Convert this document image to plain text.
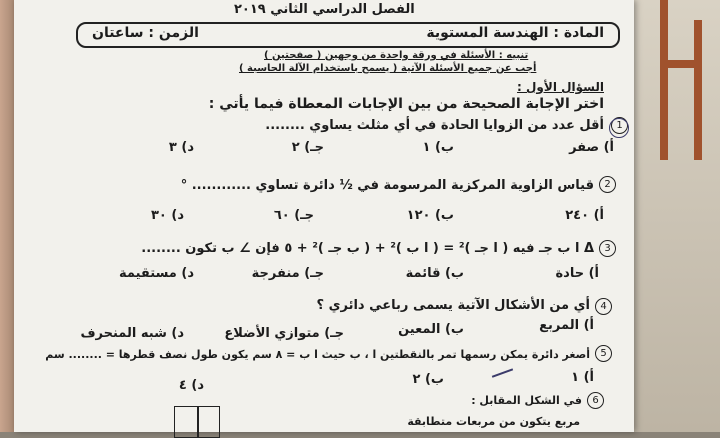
الفصل الدراسي الثاني ٢٠١٩
المادة : الهندسة المستوية
الزمن : ساعتان
تنبيه : الأسئلة في ورقة واحدة من وجهين ( صفحتين )
أجب عن جميع الأسئلة الآتية ( يسمح باستخدام الآلة الحاسبة )
السؤال الأول :
اختر الإجابة الصحيحة من بين الإجابات المعطاة فيما يأتي :
1
أقل عدد من الزوايا الحادة في أي مثلث يساوي ........
أ) صفر
ب) ١
جـ) ٢
د) ٣
2
قياس الزاوية المركزية المرسومة في ½ دائرة تساوي ............ °
أ) ٢٤٠
ب) ١٢٠
جـ) ٦٠
د) ٣٠
3
Δ ا ب جـ فيه ( ا جـ )² = ( ا ب )² + ( ب جـ )² + ٥ فإن ∠ ب تكون ........
أ) حادة
ب) قائمة
جـ) منفرجة
د) مستقيمة
4
أي من الأشكال الآتية يسمى رباعي دائري ؟
أ) المربع
ب) المعين
جـ) متوازي الأضلاع
د) شبه المنحرف
5
أصغر دائرة يمكن رسمها تمر بالنقطتين ا ، ب حيث ا ب = ٨ سم يكون طول نصف قطرها = ........ سم
أ) ١
ب) ٢
د) ٤
6
في الشكل المقابل :
مربع يتكون من مربعات متطابقة
